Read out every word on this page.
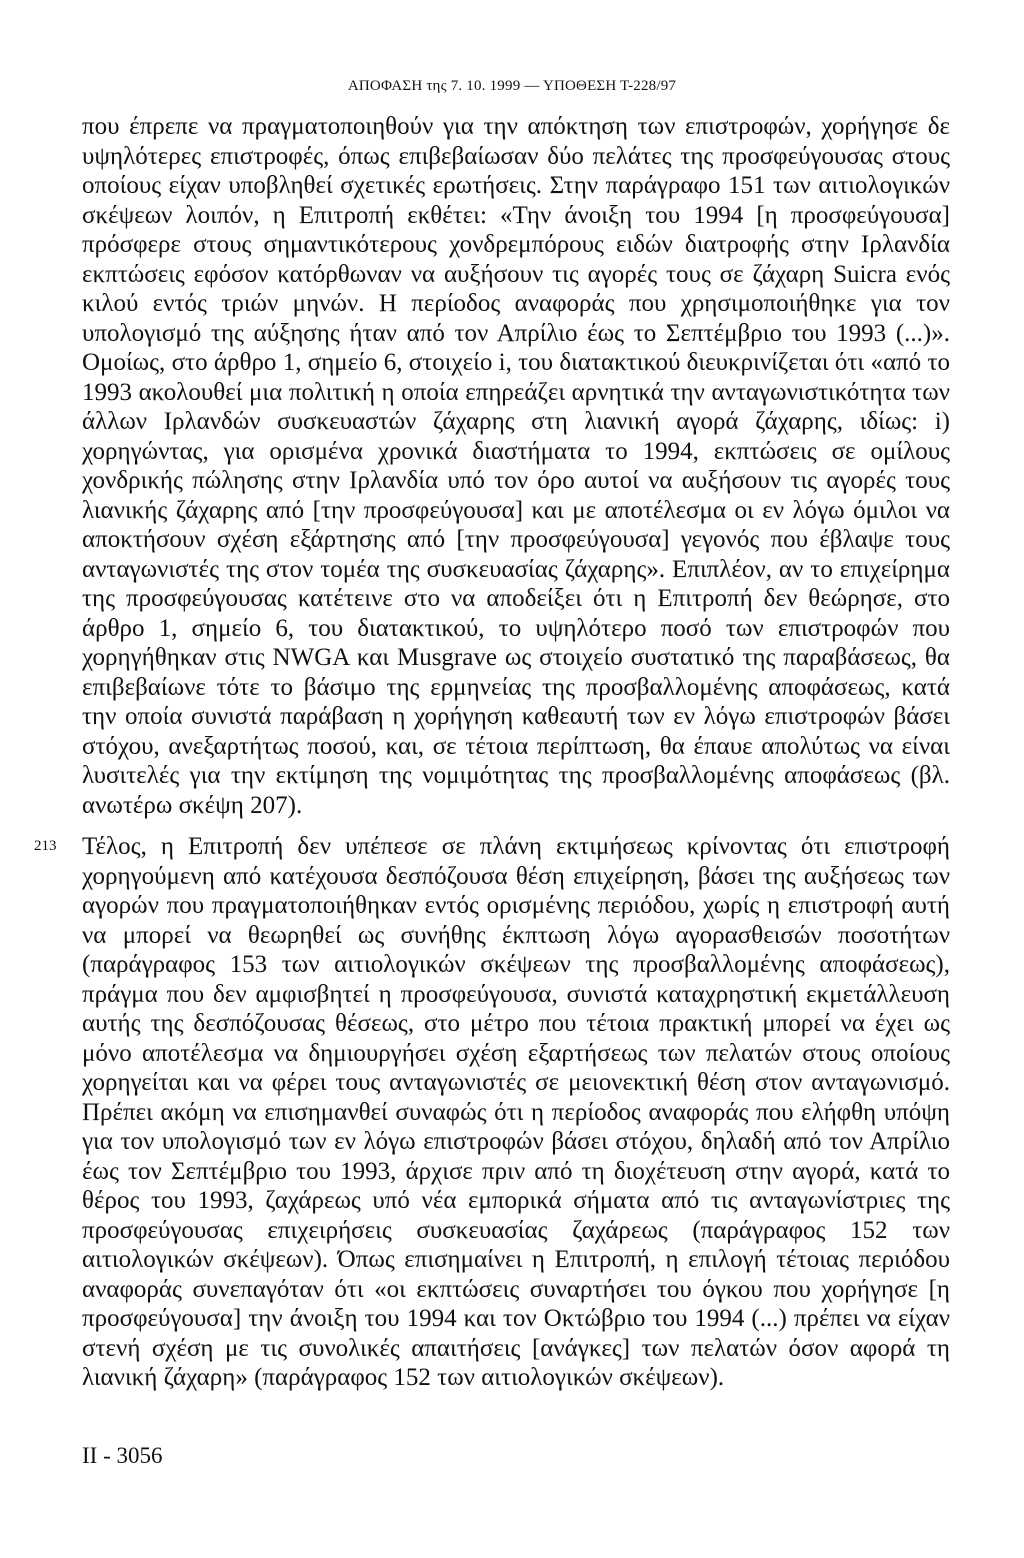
ΑΠΟΦΑΣΗ της 7. 10. 1999 — ΥΠΟΘΕΣΗ Τ-228/97

που έπρεπε να πραγματοποιηθούν για την απόκτηση των επιστροφών, χορήγησε δε υψηλότερες επιστροφές, όπως επιβεβαίωσαν δύο πελάτες της προσφεύγουσας στους οποίους είχαν υποβληθεί σχετικές ερωτήσεις. Στην παράγραφο 151 των αιτιολογικών σκέψεων λοιπόν, η Επιτροπή εκθέτει: «Την άνοιξη του 1994 [η προσφεύγουσα] πρόσφερε στους σημαντικότερους χονδρεμπόρους ειδών διατροφής στην Ιρλανδία εκπτώσεις εφόσον κατόρθωναν να αυξήσουν τις αγορές τους σε ζάχαρη Suicra ενός κιλού εντός τριών μηνών. Η περίοδος αναφοράς που χρησιμοποιήθηκε για τον υπολογισμό της αύξησης ήταν από τον Απρίλιο έως το Σεπτέμβριο του 1993 (...)». Ομοίως, στο άρθρο 1, σημείο 6, στοιχείο i, του διατακτικού διευκρινίζεται ότι «από το 1993 ακολουθεί μια πολιτική η οποία επηρεάζει αρνητικά την ανταγωνιστικότητα των άλλων Ιρλανδών συσκευαστών ζάχαρης στη λιανική αγορά ζάχαρης, ιδίως: i) χορηγώντας, για ορισμένα χρονικά διαστήματα το 1994, εκπτώσεις σε ομίλους χονδρικής πώλησης στην Ιρλανδία υπό τον όρο αυτοί να αυξήσουν τις αγορές τους λιανικής ζάχαρης από [την προσφεύγουσα] και με αποτέλεσμα οι εν λόγω όμιλοι να αποκτήσουν σχέση εξάρτησης από [την προσφεύγουσα] γεγονός που έβλαψε τους ανταγωνιστές της στον τομέα της συσκευασίας ζάχαρης». Επιπλέον, αν το επιχείρημα της προσφεύγουσας κατέτεινε στο να αποδείξει ότι η Επιτροπή δεν θεώρησε, στο άρθρο 1, σημείο 6, του διατακτικού, το υψηλότερο ποσό των επιστροφών που χορηγήθηκαν στις NWGA και Musgrave ως στοιχείο συστατικό της παραβάσεως, θα επιβεβαίωνε τότε το βάσιμο της ερμηνείας της προσβαλλομένης αποφάσεως, κατά την οποία συνιστά παράβαση η χορήγηση καθεαυτή των εν λόγω επιστροφών βάσει στόχου, ανεξαρτήτως ποσού, και, σε τέτοια περίπτωση, θα έπαυε απολύτως να είναι λυσιτελές για την εκτίμηση της νομιμότητας της προσβαλλομένης αποφάσεως (βλ. ανωτέρω σκέψη 207).

213 Τέλος, η Επιτροπή δεν υπέπεσε σε πλάνη εκτιμήσεως κρίνοντας ότι επιστροφή χορηγούμενη από κατέχουσα δεσπόζουσα θέση επιχείρηση, βάσει της αυξήσεως των αγορών που πραγματοποιήθηκαν εντός ορισμένης περιόδου, χωρίς η επιστροφή αυτή να μπορεί να θεωρηθεί ως συνήθης έκπτωση λόγω αγορασθεισών ποσοτήτων (παράγραφος 153 των αιτιολογικών σκέψεων της προσβαλλομένης αποφάσεως), πράγμα που δεν αμφισβητεί η προσφεύγουσα, συνιστά καταχρηστική εκμετάλλευση αυτής της δεσπόζουσας θέσεως, στο μέτρο που τέτοια πρακτική μπορεί να έχει ως μόνο αποτέλεσμα να δημιουργήσει σχέση εξαρτήσεως των πελατών στους οποίους χορηγείται και να φέρει τους ανταγωνιστές σε μειονεκτική θέση στον ανταγωνισμό. Πρέπει ακόμη να επισημανθεί συναφώς ότι η περίοδος αναφοράς που ελήφθη υπόψη για τον υπολογισμό των εν λόγω επιστροφών βάσει στόχου, δηλαδή από τον Απρίλιο έως τον Σεπτέμβριο του 1993, άρχισε πριν από τη διοχέτευση στην αγορά, κατά το θέρος του 1993, ζαχάρεως υπό νέα εμπορικά σήματα από τις ανταγωνίστριες της προσφεύγουσας επιχειρήσεις συσκευασίας ζαχάρεως (παράγραφος 152 των αιτιολογικών σκέψεων). Όπως επισημαίνει η Επιτροπή, η επιλογή τέτοιας περιόδου αναφοράς συνεπαγόταν ότι «οι εκπτώσεις συναρτήσει του όγκου που χορήγησε [η προσφεύγουσα] την άνοιξη του 1994 και τον Οκτώβριο του 1994 (...) πρέπει να είχαν στενή σχέση με τις συνολικές απαιτήσεις [ανάγκες] των πελατών όσον αφορά τη λιανική ζάχαρη» (παράγραφος 152 των αιτιολογικών σκέψεων).

II - 3056
